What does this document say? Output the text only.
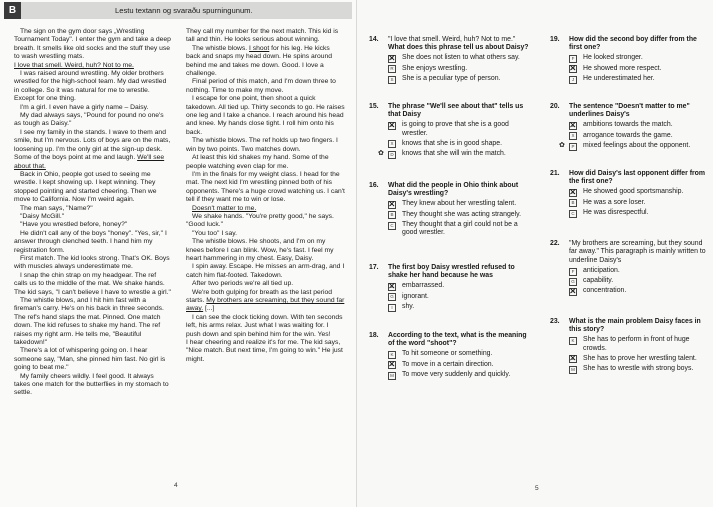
B	Lestu textann og svaraðu spurningunum.

The sign on the gym door says „Wrestling Tournament Today". I enter the gym and take a deep breath. It smells like old socks and the stuff they use to wash wrestling mats.

I love that smell. Weird, huh? Not to me.

I was raised around wrestling. My older brothers wrestled for the high-school team. My dad wrestled in college. So it was natural for me to wrestle. Except for one thing.

I'm a girl. I even have a girly name – Daisy.

My dad always says, "Pound for pound no one's as tough as Daisy."

I see my family in the stands. I wave to them and smile, but I'm nervous. Lots of boys are on the mats, loosening up. I'm the only girl at the sign-up desk. Some of the boys point at me and laugh. We'll see about that.

Back in Ohio, people got used to seeing me wrestle. I kept showing up. I kept winning. They stopped pointing and started cheering. Then we move to California. Now I'm weird again.

The man says, "Name?"

"Daisy McGill."

"Have you wrestled before, honey?"

He didn't call any of the boys "honey". "Yes, sir," I answer through clenched teeth. I hand him my registration form.

First match. The kid looks strong. That's OK. Boys with muscles always underestimate me.

I snap the chin strap on my headgear. The ref calls us to the middle of the mat. We shake hands. The kid says, "I can't believe I have to wrestle a girl."

The whistle blows, and I hit him fast with a fireman's carry. He's on his back in three seconds. The ref's hand slaps the mat. Pinned. One match down. The kid refuses to shake my hand. The ref raises my right arm. He tells me, "Beautiful takedown!"

There's a lot of whispering going on. I hear someone say, "Man, she pinned him fast. No girl is going to beat me."

My family cheers wildly. I feel good. It always takes one match for the butterflies in my stomach to settle.

They call my number for the next match. This kid is tall and thin. He looks serious about winning.

The whistle blows. I shoot for his leg. He kicks back and snaps my head down. He spins around behind me and takes me down. Good. I love a challenge.

Final period of this match, and I'm down three to nothing. Time to make my move.

I escape for one point, then shoot a quick takedown. All tied up. Thirty seconds to go. He raises one leg and I take a chance. I reach around his head and knee. My hands close tight. I roll him onto his back.

The whistle blows. The ref holds up two fingers. I win by two points. Two matches down.

At least this kid shakes my hand. Some of the people watching even clap for me.

I'm in the finals for my weight class. I head for the mat. The next kid I'm wrestling pinned both of his opponents. There's a huge crowd watching us. I can't tell if they want me to win or lose.

Doesn't matter to me.

We shake hands. "You're pretty good," he says. "Good luck."

"You too" I say.

The whistle blows. He shoots, and I'm on my knees before I can blink. Wow, he's fast. I feel my heart hammering in my chest. Easy, Daisy.

I spin away. Escape. He misses an arm-drag, and I catch him flat-footed. Takedown.

After two periods we're all tied up.

We're both gulping for breath as the last period starts. My brothers are screaming, but they sound far away. [...]

I can see the clock ticking down. With ten seconds left, his arms relax. Just what I was waiting for. I push down and spin behind him for the win. Yes!

I hear cheering and realize it's for me. The kid says, "Nice match. But next time, I'm going to win." He just might.

4
14.	"I love that smell. Weird, huh? Not to me."
What does this phrase tell us about Daisy?
P ✕	She does not listen to what others say.
R	She enjoys wrestling.
S	She is a peculiar type of person.
15.	The phrase "We'll see about that" tells us that Daisy
X ✕	is going to prove that she is a good wrestler.
X	knows that she is in good shape.
✿	D	knows that she will win the match.
16.	What did the people in Ohio think about Daisy's wrestling?
A ✕	They knew about her wrestling talent.
B	They thought she was acting strangely.
C	They thought that a girl could not be a good wrestler.
17.	The first boy Daisy wrestled refused to shake her hand because he was
E ✕	embarrassed.
G	ignorant.
I	shy.
18.	According to the text, what is the meaning of the word "shoot"?
K	To hit someone or something.
K ✕	To move in a certain direction.
M	To move very suddenly and quickly.
19.	How did the second boy differ from the first one?
F	He looked stronger.
H ✕	He showed more respect.
J	He underestimated her.
20.	The sentence "Doesn't matter to me" underlines Daisy's
L ✕	ambitions towards the match.
X	arrogance towards the game.
✿	P	mixed feelings about the opponent.
21.	How did Daisy's last opponent differ from the first one?
K ✕	He showed good sportsmanship.
B	He was a sore loser.
C	He was disrespectful.
22.	"My brothers are screaming, but they sound far away." This paragraph is mainly written to underline Daisy's
F	anticipation.
G	capability.
H ✕	concentration.
23.	What is the main problem Daisy faces in this story?
K	She has to perform in front of huge crowds.
L ✕	She has to prove her wrestling talent.
M	She has to wrestle with strong boys.
5
